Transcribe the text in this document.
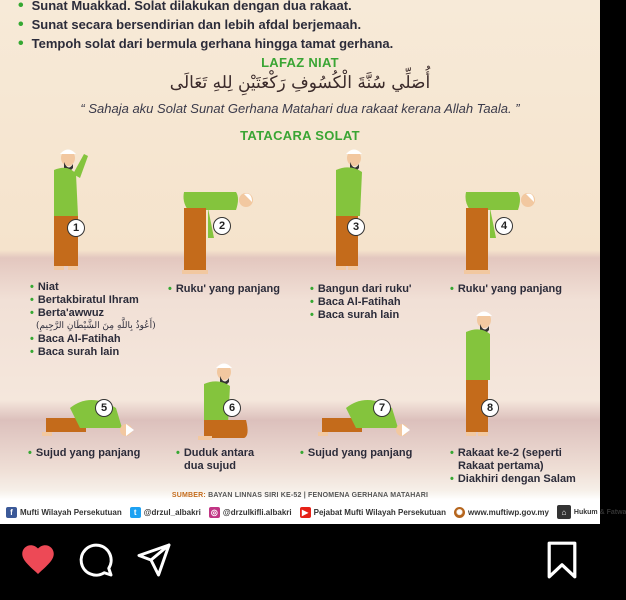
• Sunat Muakkad. Solat dilakukan dengan dua rakaat.
• Sunat secara bersendirian dan lebih afdal berjemaah.
• Tempoh solat dari bermula gerhana hingga tamat gerhana.
LAFAZ NIAT
أُصَلِّي سُنَّةَ الْكُسُوفِ رَكْعَتَيْنِ لِلهِ تَعَالَى
“ Sahaja aku Solat Sunat Gerhana Matahari dua rakaat kerana Allah Taala. ”
TATACARA SOLAT
1	2	3	4
• Niat
• Bertakbiratul Ihram
• Berta'awwuz
(أَعُوذُ بِاللَّهِ مِنَ الشَّيْطَانِ الرَّجِيمِ)
• Baca Al-Fatihah
• Baca surah lain
• Ruku' yang panjang	• Bangun dari ruku'
• Baca Al-Fatihah
• Baca surah lain
• Ruku' yang panjang
5	6	7	8
• Sujud yang panjang	• Duduk antara
dua sujud
• Sujud yang panjang	• Rakaat ke-2 (seperti
Rakaat pertama)
• Diakhiri dengan Salam
SUMBER: BAYAN LINNAS SIRI KE-52 | FENOMENA GERHANA MATAHARI
f Mufti Wilayah Persekutuan	t @drzul_albakri ◎ @drzulkifli.albakri	▶ Pejabat Mufti Wilayah Persekutuan ✺ www.muftiwp.gov.my	⌂	Hukum & Fatwa
